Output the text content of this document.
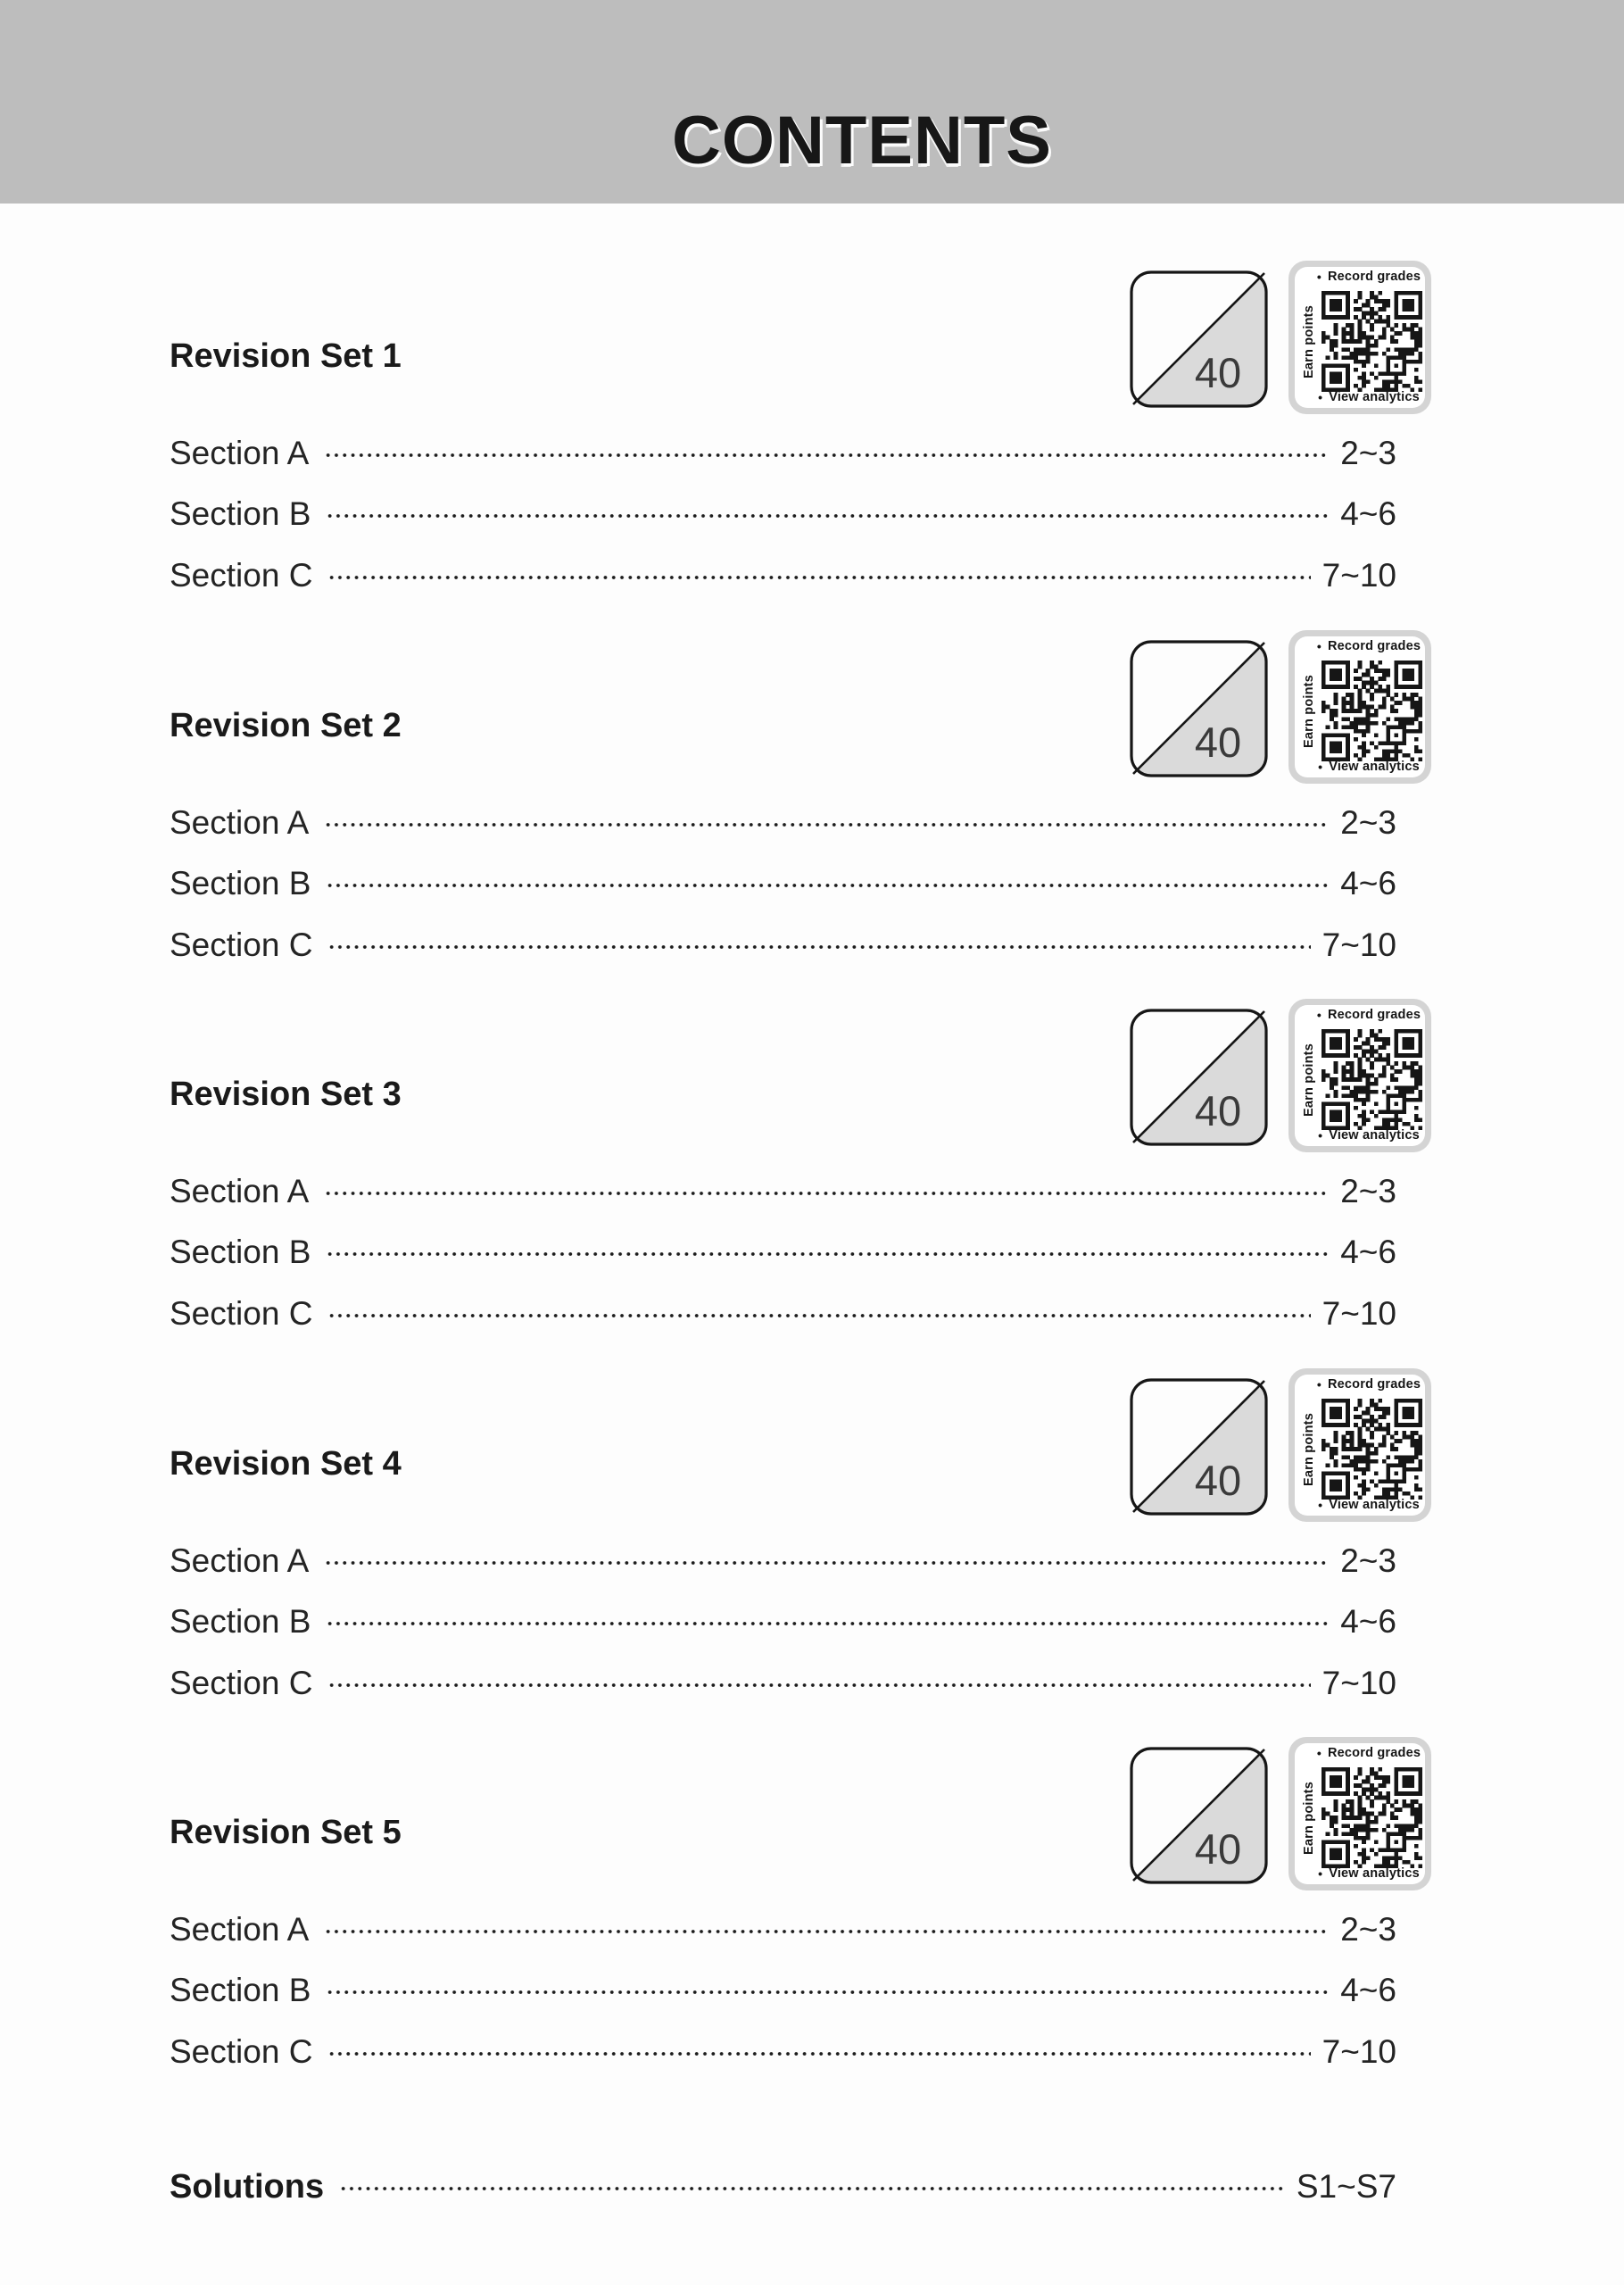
CONTENTS
Revision Set 1	40
• Record grades
Earn points
• View analytics
Section A	2~3
Section B	4~6
Section C	7~10
Revision Set 2	40
• Record grades
Earn points
• View analytics
Section A	2~3
Section B	4~6
Section C	7~10
Revision Set 3	40
• Record grades
Earn points
• View analytics
Section A	2~3
Section B	4~6
Section C	7~10
Revision Set 4	40
• Record grades
Earn points
• View analytics
Section A	2~3
Section B	4~6
Section C	7~10
Revision Set 5	40
• Record grades
Earn points
• View analytics
Section A	2~3
Section B	4~6
Section C	7~10
Solutions	S1~S7
